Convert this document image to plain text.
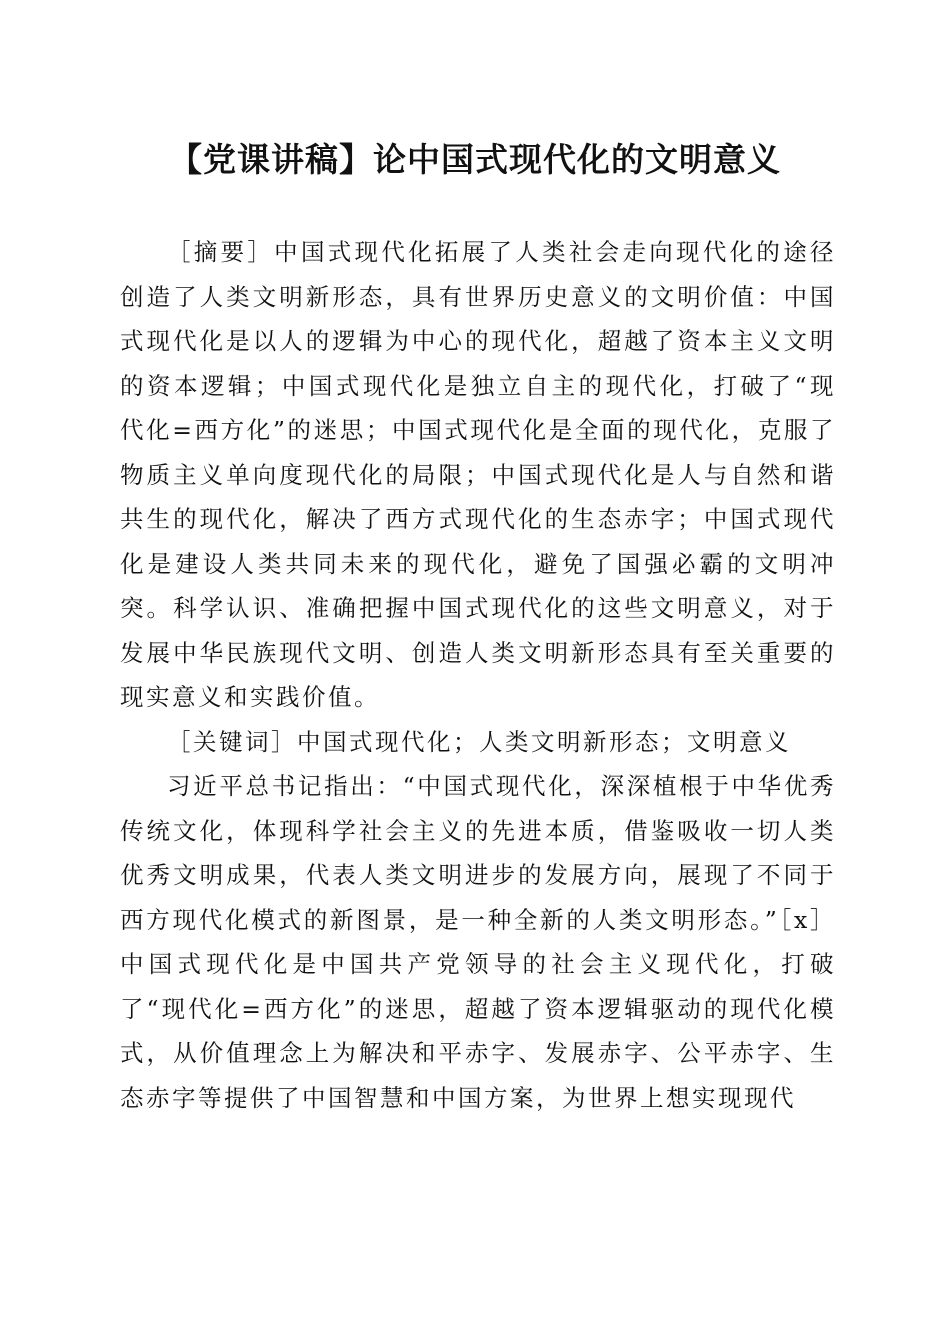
【党课讲稿】论中国式现代化的文明意义

［摘要］中国式现代化拓展了人类社会走向现代化的途径创造了人类文明新形态，具有世界历史意义的文明价值：中国式现代化是以人的逻辑为中心的现代化，超越了资本主义文明的资本逻辑；中国式现代化是独立自主的现代化，打破了“现代化=西方化”的迷思；中国式现代化是全面的现代化，克服了物质主义单向度现代化的局限；中国式现代化是人与自然和谐共生的现代化，解决了西方式现代化的生态赤字；中国式现代化是建设人类共同未来的现代化，避免了国强必霸的文明冲突。科学认识、准确把握中国式现代化的这些文明意义，对于发展中华民族现代文明、创造人类文明新形态具有至关重要的现实意义和实践价值。

［关键词］中国式现代化；人类文明新形态；文明意义

习近平总书记指出：“中国式现代化，深深植根于中华优秀传统文化，体现科学社会主义的先进本质，借鉴吸收一切人类优秀文明成果，代表人类文明进步的发展方向，展现了不同于西方现代化模式的新图景，是一种全新的人类文明形态。”［x］中国式现代化是中国共产党领导的社会主义现代化，打破了“现代化=西方化”的迷思，超越了资本逻辑驱动的现代化模式，从价值理念上为解决和平赤字、发展赤字、公平赤字、生态赤字等提供了中国智慧和中国方案，为世界上想实现现代
